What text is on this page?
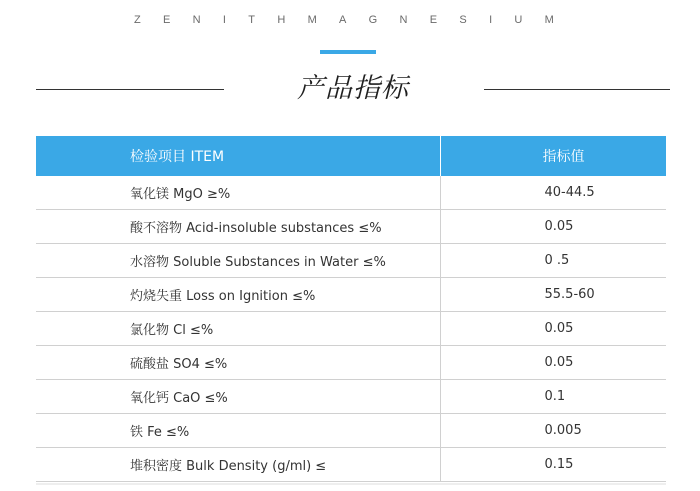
Z E N I T H M A G N E S I U M
产品指标
检验项目 ITEM	指标值
氧化镁 MgO ≥%	40-44.5
酸不溶物 Acid-insoluble substances ≤%	0.05
水溶物 Soluble Substances in Water ≤%	0 .5
灼烧失重 Loss on Ignition ≤%	55.5-60
氯化物 Cl ≤%	0.05
硫酸盐 SO4 ≤%	0.05
氧化钙 CaO ≤%	0.1
铁 Fe ≤%	0.005
堆积密度 Bulk Density (g/ml) ≤	0.15
